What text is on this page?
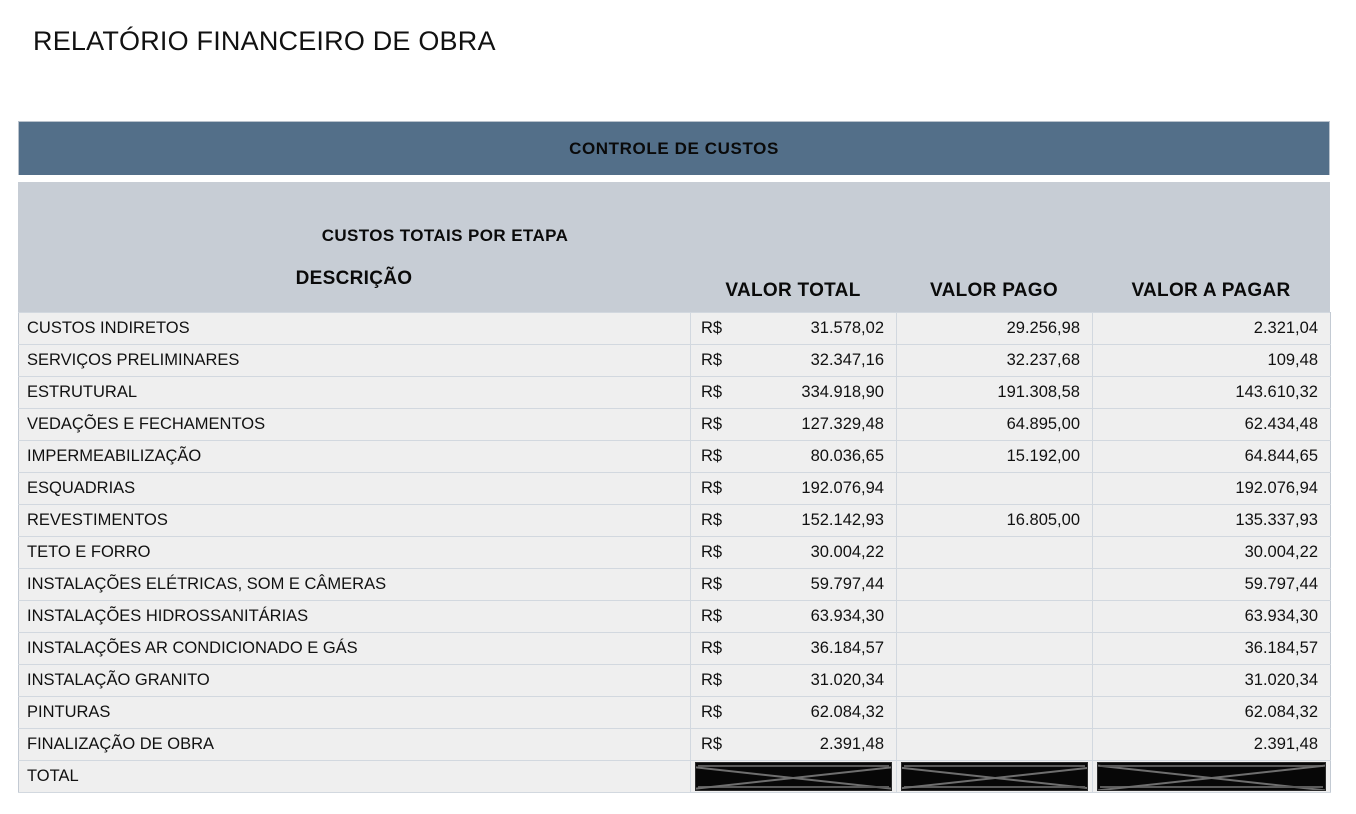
RELATÓRIO FINANCEIRO DE OBRA
CONTROLE DE CUSTOS
CUSTOS TOTAIS POR ETAPA
DESCRIÇÃO
VALOR TOTAL	VALOR PAGO	VALOR A PAGAR
CUSTOS INDIRETOS	R$ 31.578,02	29.256,98	2.321,04
SERVIÇOS PRELIMINARES	R$ 32.347,16	32.237,68	109,48
ESTRUTURAL	R$ 334.918,90	191.308,58	143.610,32
VEDAÇÕES E FECHAMENTOS	R$ 127.329,48	64.895,00	62.434,48
IMPERMEABILIZAÇÃO	R$ 80.036,65	15.192,00	64.844,65
ESQUADRIAS	R$ 192.076,94		192.076,94
REVESTIMENTOS	R$ 152.142,93	16.805,00	135.337,93
TETO E FORRO	R$ 30.004,22		30.004,22
INSTALAÇÕES ELÉTRICAS, SOM E CÂMERAS	R$ 59.797,44		59.797,44
INSTALAÇÕES HIDROSSANITÁRIAS	R$ 63.934,30		63.934,30
INSTALAÇÕES AR CONDICIONADO E GÁS	R$ 36.184,57		36.184,57
INSTALAÇÃO GRANITO	R$ 31.020,34		31.020,34
PINTURAS	R$ 62.084,32		62.084,32
FINALIZAÇÃO DE OBRA	R$ 2.391,48		2.391,48
TOTAL	
